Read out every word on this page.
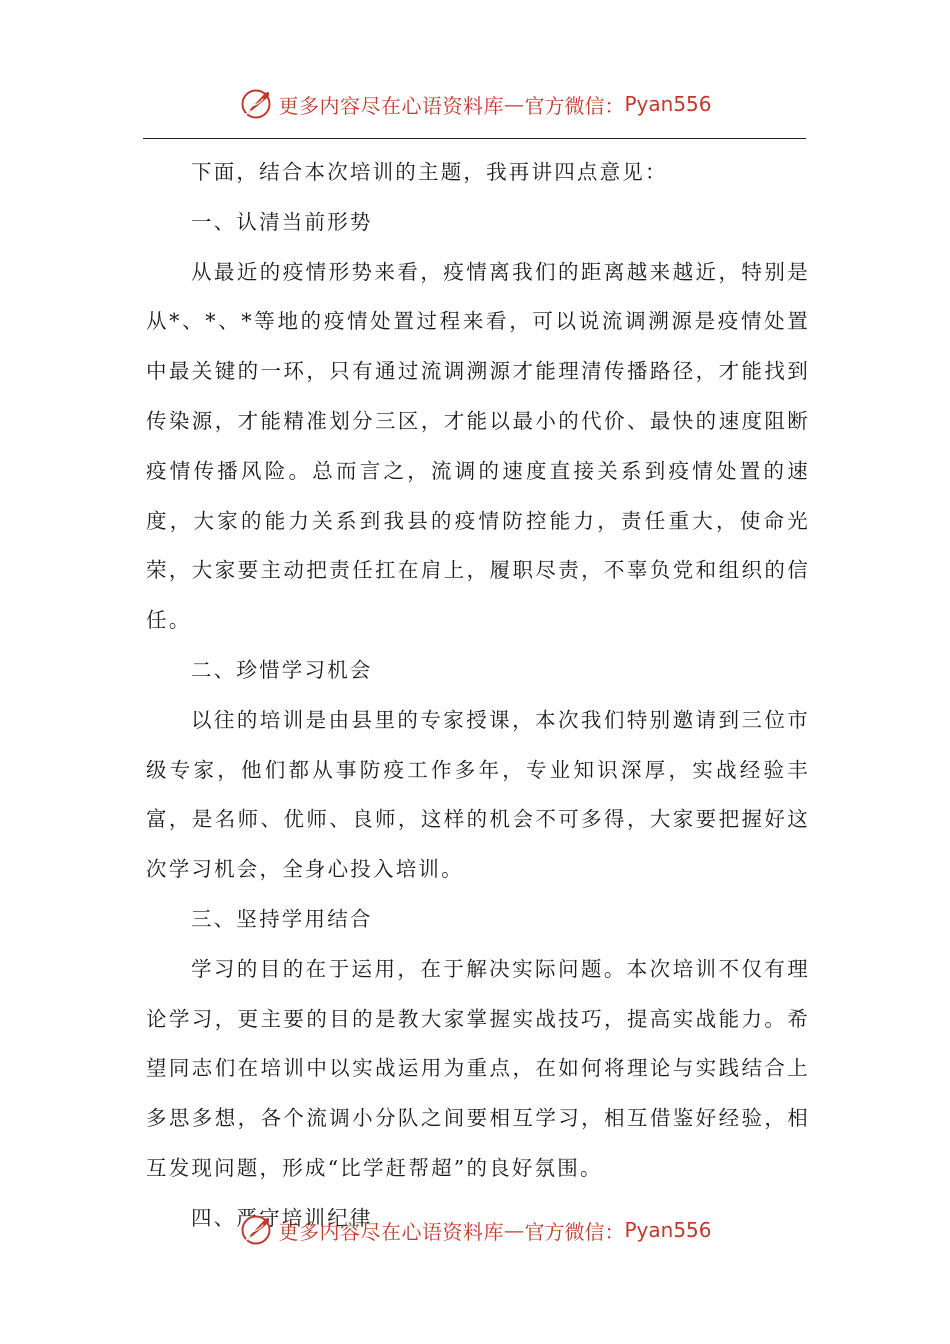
更多内容尽在心语资料库 — 官方微信： Pyan556

下面，结合本次培训的主题，我再讲四点意见：

一、认清当前形势

从最近的疫情形势来看，疫情离我们的距离越来越近，特别是从*、*、*等地的疫情处置过程来看，可以说流调溯源是疫情处置中最关键的一环，只有通过流调溯源才能理清传播路径，才能找到传染源，才能精准划分三区，才能以最小的代价、最快的速度阻断疫情传播风险。总而言之，流调的速度直接关系到疫情处置的速度，大家的能力关系到我县的疫情防控能力，责任重大，使命光荣，大家要主动把责任扛在肩上，履职尽责，不辜负党和组织的信任。

二、珍惜学习机会

以往的培训是由县里的专家授课，本次我们特别邀请到三位市级专家，他们都从事防疫工作多年，专业知识深厚，实战经验丰富，是名师、优师、良师，这样的机会不可多得，大家要把握好这次学习机会，全身心投入培训。

三、坚持学用结合

学习的目的在于运用，在于解决实际问题。本次培训不仅有理论学习，更主要的目的是教大家掌握实战技巧，提高实战能力。希望同志们在培训中以实战运用为重点，在如何将理论与实践结合上多思多想，各个流调小分队之间要相互学习，相互借鉴好经验，相互发现问题，形成“比学赶帮超”的良好氛围。

四、严守培训纪律

更多内容尽在心语资料库 — 官方微信： Pyan556
